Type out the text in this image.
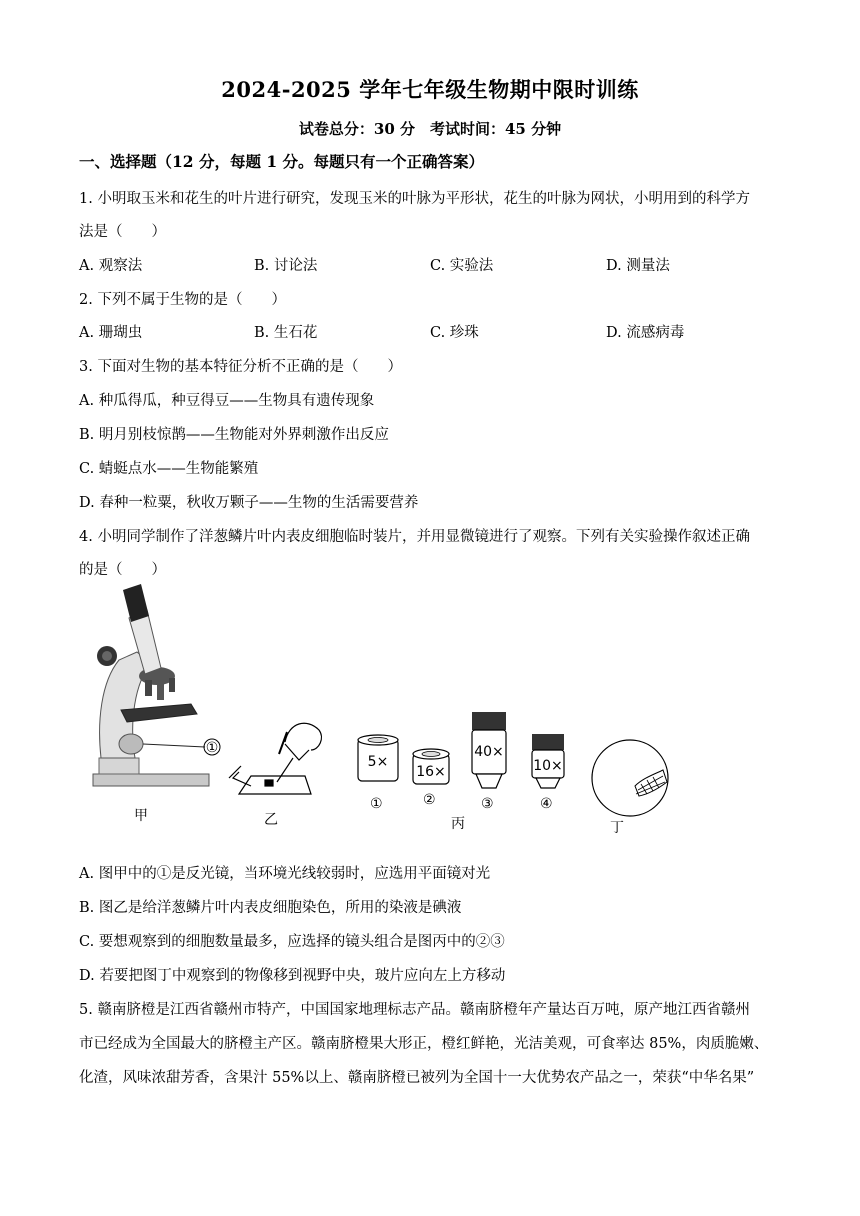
2024-2025 学年七年级生物期中限时训练
试卷总分：30 分　考试时间：45 分钟
一、选择题（12 分，每题 1 分。每题只有一个正确答案）
1. 小明取玉米和花生的叶片进行研究，发现玉米的叶脉为平形状，花生的叶脉为网状，小明用到的科学方
法是（　　）
A. 观察法	B. 讨论法	C. 实验法	D. 测量法
2. 下列不属于生物的是（　　）
A. 珊瑚虫	B. 生石花	C. 珍珠	D. 流感病毒
3. 下面对生物的基本特征分析不正确的是（　　）
A. 种瓜得瓜，种豆得豆——生物具有遗传现象
B. 明月别枝惊鹊——生物能对外界刺激作出反应
C. 蜻蜓点水——生物能繁殖
D. 春种一粒粟，秋收万颗子——生物的生活需要营养
4. 小明同学制作了洋葱鳞片叶内表皮细胞临时装片，并用显微镜进行了观察。下列有关实验操作叙述正确
的是（　　）
①
甲	乙
5×
16×
40×
10×
①	②	③	④
丙	丁
A. 图甲中的①是反光镜，当环境光线较弱时，应选用平面镜对光
B. 图乙是给洋葱鳞片叶内表皮细胞染色，所用的染液是碘液
C. 要想观察到的细胞数量最多，应选择的镜头组合是图丙中的②③
D. 若要把图丁中观察到的物像移到视野中央，玻片应向左上方移动
5. 赣南脐橙是江西省赣州市特产，中国国家地理标志产品。赣南脐橙年产量达百万吨，原产地江西省赣州
市已经成为全国最大的脐橙主产区。赣南脐橙果大形正，橙红鲜艳，光洁美观，可食率达 85%，肉质脆嫩、
化渣，风味浓甜芳香，含果汁 55%以上、赣南脐橙已被列为全国十一大优势农产品之一，荣获“中华名果”
